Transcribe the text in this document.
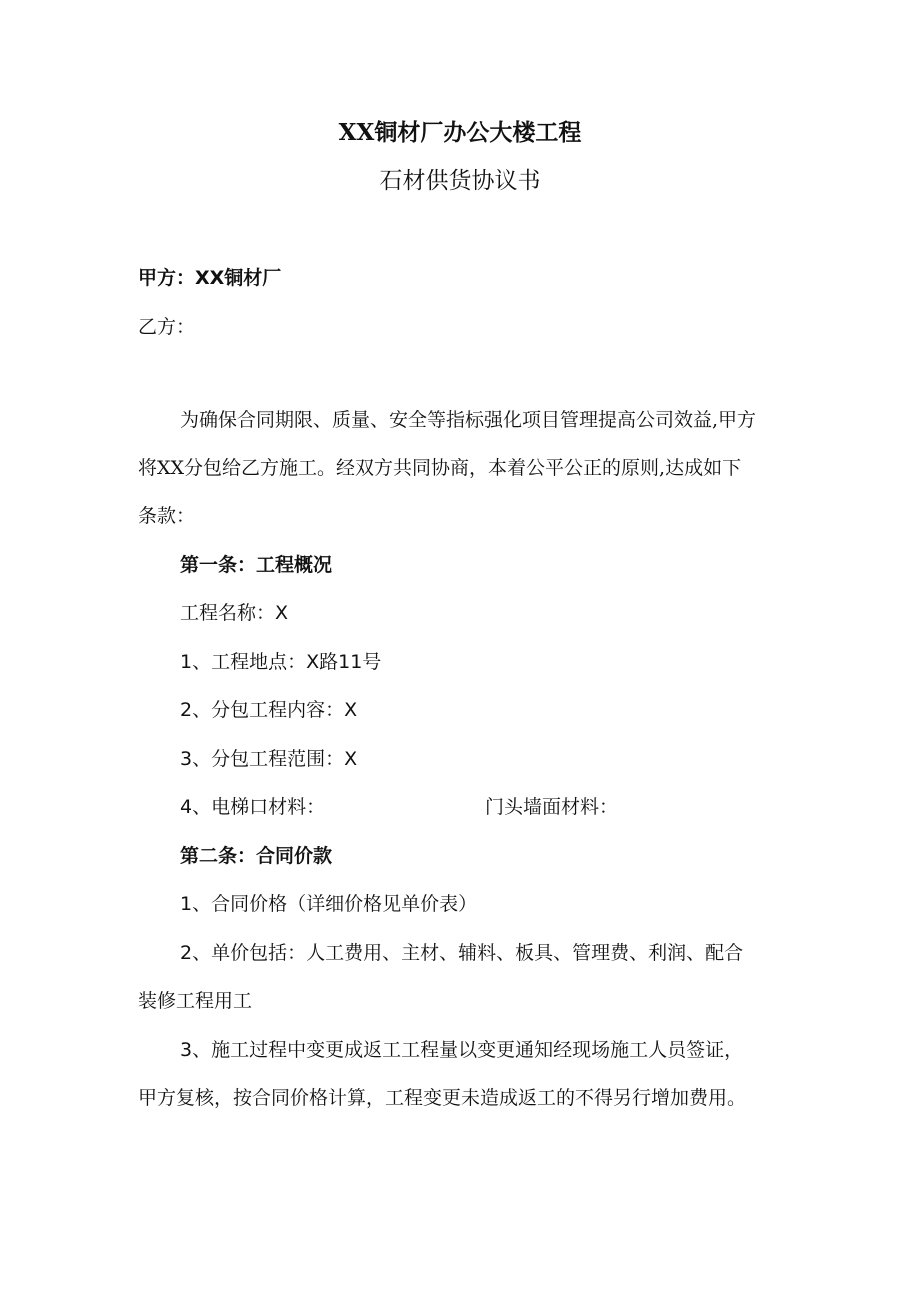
XX铜材厂办公大楼工程
石材供货协议书
甲方：XX铜材厂
乙方：
为确保合同期限、质量、安全等指标强化项目管理提高公司效益,甲方
将XX分包给乙方施工。经双方共同协商，本着公平公正的原则,达成如下
条款：
第一条：工程概况
工程名称：X
1、工程地点：X路11号
2、分包工程内容：X
3、分包工程范围：X
4、电梯口材料：	门头墙面材料：
第二条：合同价款
1、合同价格（详细价格见单价表）
2、单价包括：人工费用、主材、辅料、板具、管理费、利润、配合
装修工程用工
3、施工过程中变更成返工工程量以变更通知经现场施工人员签证，
甲方复核，按合同价格计算，工程变更未造成返工的不得另行增加费用。
